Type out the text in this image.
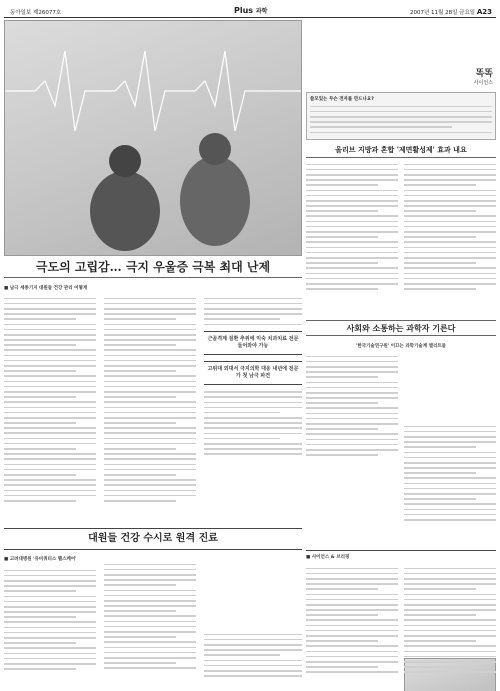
동아일보 제26077호	Plus 과학	2007년 11월 28일 금요일 A23
극도의 고립감… 극지 우울증 극복 최대 난제
■ 남극 세종기지 대원들 건강 관리 어떻게
근골격계 질환 추위에 익숙 치과치료 전문 들어와야 가능
고위대 외대서 극지의학 대응 내년에 전문가 첫 남극 파견
대원들 건강 수시로 원격 진료
■ 고려대병원 '유비쿼터스 헬스케어'
똑똑
사이언스
쓸모있는 무슨 전자를 만드나요?
올리브 지방과 혼합 '제면활성제' 효과 내요
사회와 소통하는 과학자 기른다
'한국기술연구원' 이끄는 과학기술계 엘리트들
■ 사이언스 & 브리핑
